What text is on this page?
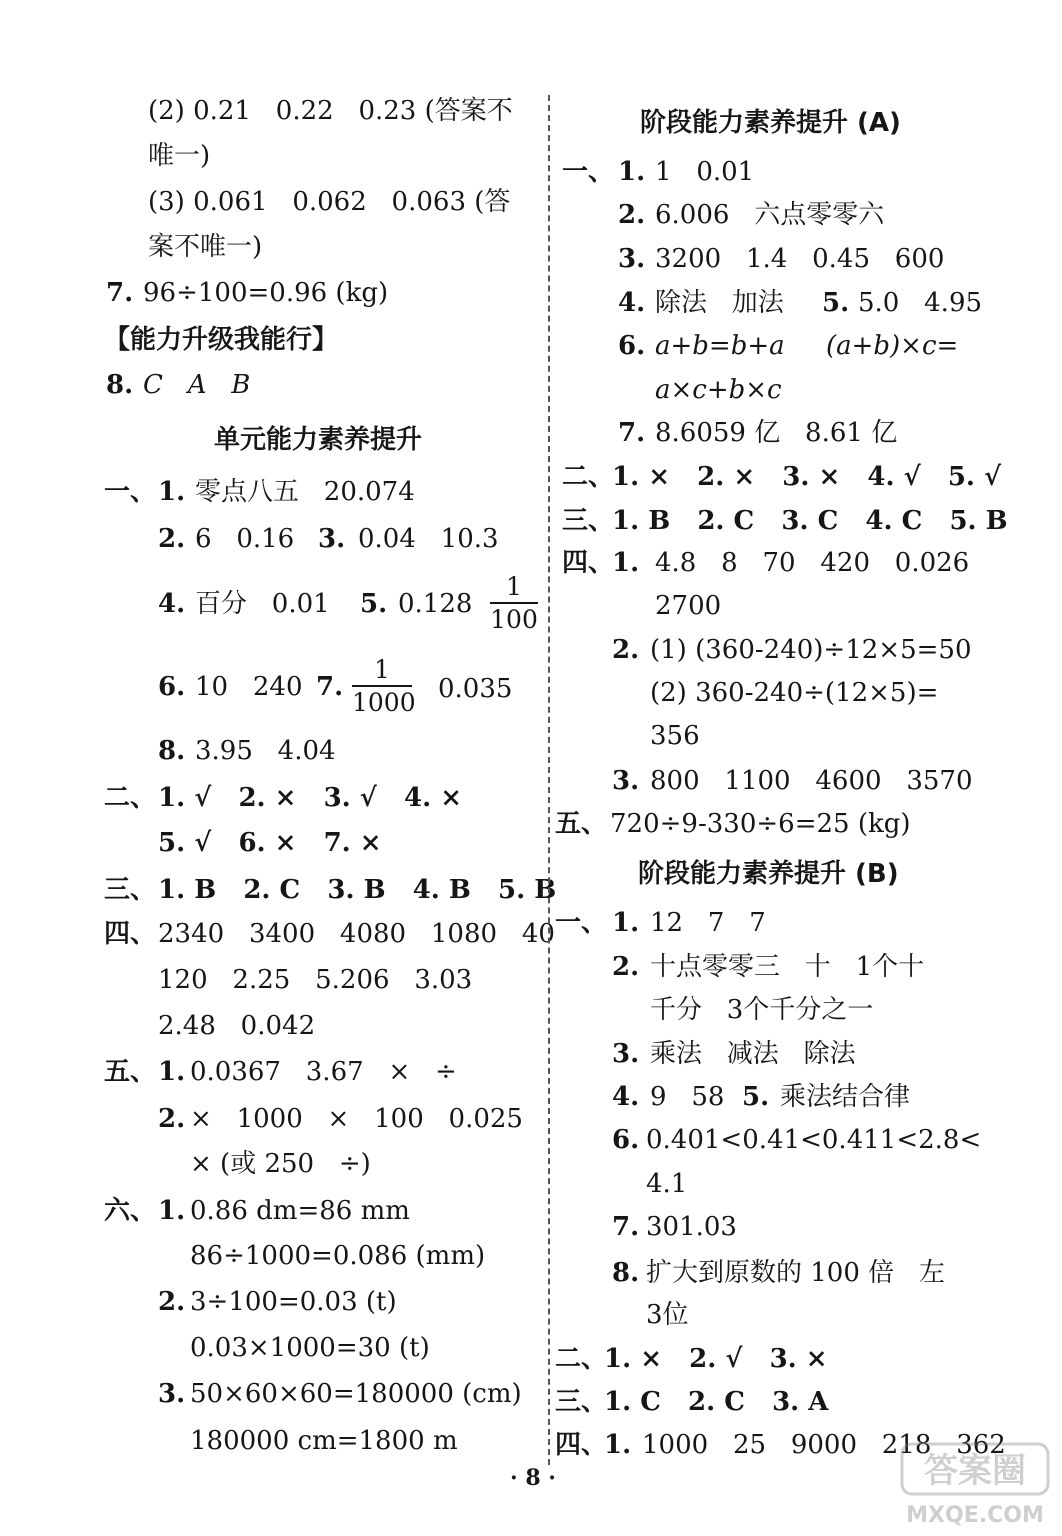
(2) 0.21   0.22   0.23 (答案不
唯一)
(3) 0.061   0.062   0.063 (答
案不唯一)
7. 96÷100=0.96 (kg)
【能力升级我能行】
8. C   A   B
单元能力素养提升
一、 1. 零点八五   20.074
2. 6   0.16 3. 0.04   10.3
4. 百分   0.01 5. 0.128
1
100
6. 10   240 7.
1
1000 0.035
8. 3.95   4.04
二、 1. √   2. ×   3. √   4. ×
5. √   6. ×   7. ×
三、 1. B   2. C   3. B   4. B   5. B
四、 2340   3400   4080   1080   40
120   2.25   5.206   3.03
2.48   0.042
五、 1. 0.0367   3.67   ×   ÷
2. ×   1000   ×   100   0.025
× (或 250   ÷)
六、 1. 0.86 dm=86 mm
86÷1000=0.086 (mm)
2. 3÷100=0.03 (t)
0.03×1000=30 (t)
3. 50×60×60=180000 (cm)
180000 cm=1800 m
阶段能力素养提升 (A)
一、 1. 1   0.01
2. 6.006   六点零零六
3. 3200   1.4   0.45   600
4. 除法   加法 5. 5.0   4.95
6. a+b=b+a     (a+b)×c=
a×c+b×c
7. 8.6059 亿   8.61 亿
二、
1. ×   2. ×   3. ×   4. √   5. √
三、
1. B   2. C   3. C   4. C   5. B
四、
1. 4.8   8   70   420   0.026
2700
2. (1) (360-240)÷12×5=50
(2) 360-240÷(12×5)=
356
3. 800   1100   4600   3570
五、 720÷9-330÷6=25 (kg)
阶段能力素养提升 (B)
一、 1. 12   7   7
2. 十点零零三   十   1个十
千分   3个千分之一
3. 乘法   减法   除法
4. 9   58 5. 乘法结合律
6. 0.401<0.41<0.411<2.8<
4.1
7. 301.03
8. 扩大到原数的 100 倍   左
3位
二、
1. ×   2. √   3. ×
三、
1. C   2. C   3. A
四、
1. 1000   25   9000   218   362
· 8 ·	答案圈
MXQE.COM
